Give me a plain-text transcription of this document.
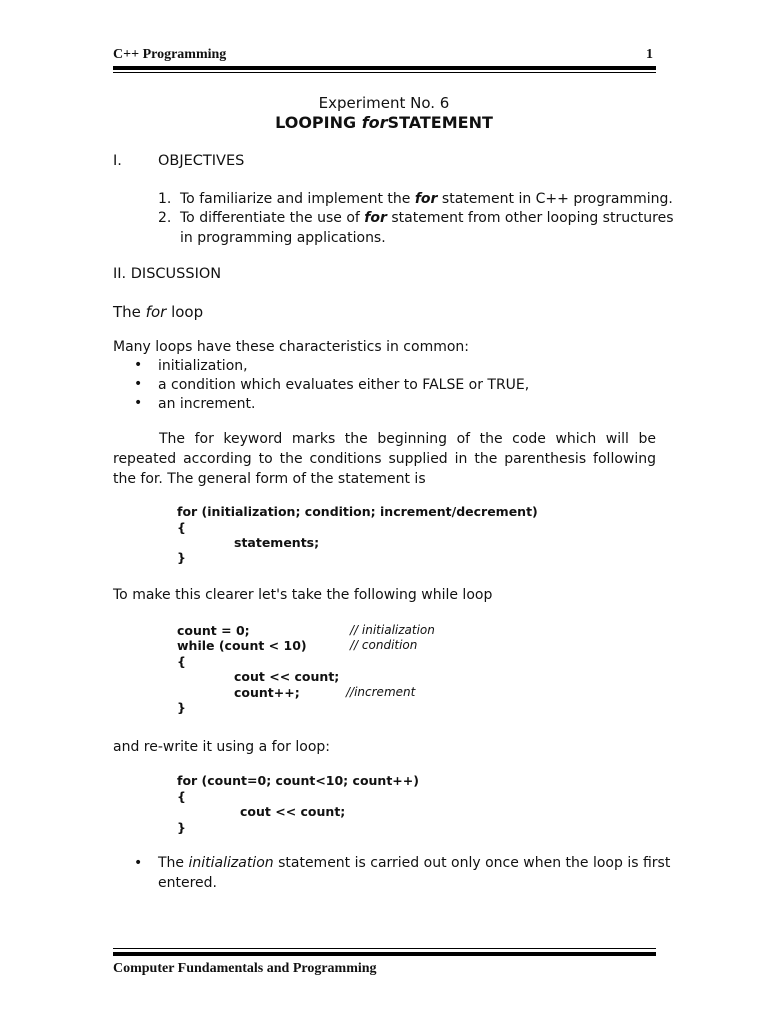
C++ Programming	1
Experiment No. 6
LOOPING forSTATEMENT
I. OBJECTIVES
1. To familiarize and implement the for statement in C++ programming.
2. To differentiate the use of for statement from other looping structures
in programming applications.
II. DISCUSSION
The for loop
Many loops have these characteristics in common:
• initialization,
• a condition which evaluates either to FALSE or TRUE,
• an increment.
The for keyword marks the beginning of the code which will be repeated according to the conditions supplied in the parenthesis following the for. The general form of the statement is
for (initialization; condition; increment/decrement)
{
statements;
}
To make this clearer let's take the following while loop
count = 0;	// initialization
while (count < 10)	// condition
{
cout << count;
count++;	//increment
}
and re-write it using a for loop:
for (count=0; count<10; count++)
{
cout << count;
}
• The initialization statement is carried out only once when the loop is first
entered.
Computer Fundamentals and Programming
